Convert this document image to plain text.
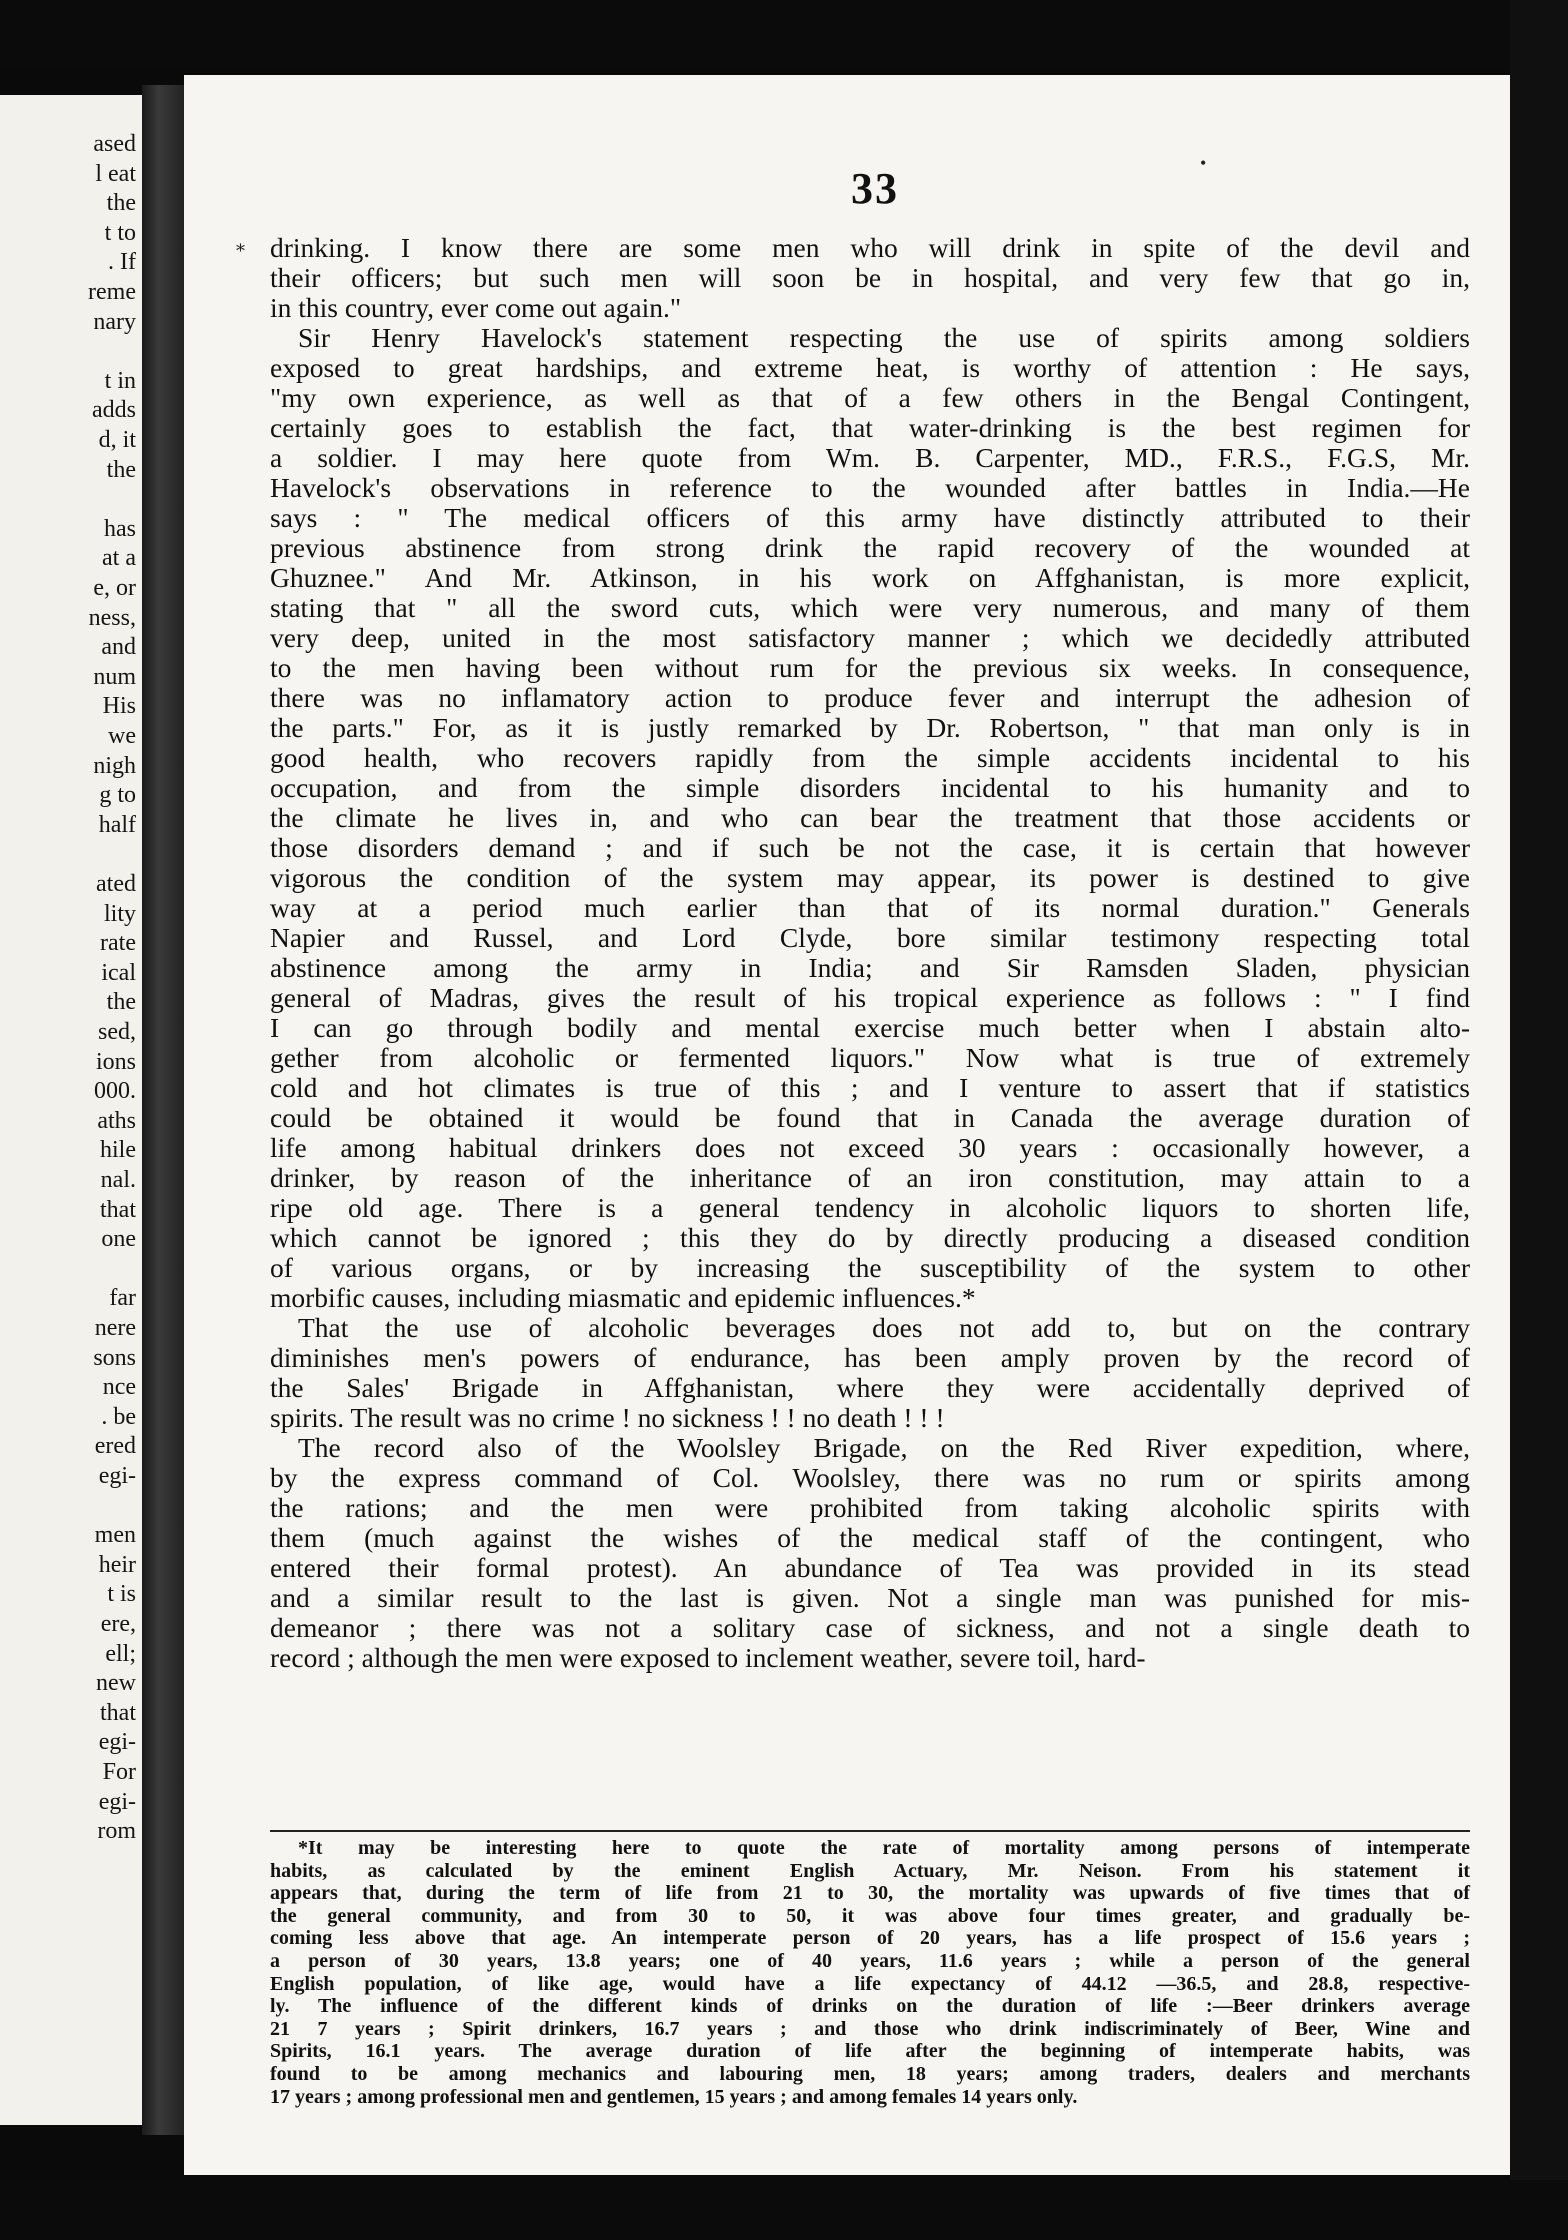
ased
l eat
the
t to
. If
reme
nary
t in
adds
d, it
the
has
at a
e, or
ness,
and
num
His
we
nigh
g to
half
ated
lity
rate
ical
the
sed,
ions
000.
aths
hile
nal.
that
one
far
nere
sons
nce
. be
ered
egi-
men
heir
t is
ere,
ell;
new
that
egi-
For
egi-
rom
33
drinking. I know there are some men who will drink in spite of the devil and
their officers; but such men will soon be in hospital, and very few that go in,
in this country, ever come out again."
Sir Henry Havelock's statement respecting the use of spirits among soldiers
exposed to great hardships, and extreme heat, is worthy of attention : He says,
"my own experience, as well as that of a few others in the Bengal Contingent,
certainly goes to establish the fact, that water-drinking is the best regimen for
a soldier. I may here quote from Wm. B. Carpenter, MD., F.R.S., F.G.S, Mr.
Havelock's observations in reference to the wounded after battles in India.—He
says : " The medical officers of this army have distinctly attributed to their
previous abstinence from strong drink the rapid recovery of the wounded at
Ghuznee." And Mr. Atkinson, in his work on Affghanistan, is more explicit,
stating that " all the sword cuts, which were very numerous, and many of them
very deep, united in the most satisfactory manner ; which we decidedly attributed
to the men having been without rum for the previous six weeks. In consequence,
there was no inflamatory action to produce fever and interrupt the adhesion of
the parts." For, as it is justly remarked by Dr. Robertson, " that man only is in
good health, who recovers rapidly from the simple accidents incidental to his
occupation, and from the simple disorders incidental to his humanity and to
the climate he lives in, and who can bear the treatment that those accidents or
those disorders demand ; and if such be not the case, it is certain that however
vigorous the condition of the system may appear, its power is destined to give
way at a period much earlier than that of its normal duration." Generals
Napier and Russel, and Lord Clyde, bore similar testimony respecting total
abstinence among the army in India; and Sir Ramsden Sladen, physician
general of Madras, gives the result of his tropical experience as follows : " I find
I can go through bodily and mental exercise much better when I abstain alto-
gether from alcoholic or fermented liquors." Now what is true of extremely
cold and hot climates is true of this ; and I venture to assert that if statistics
could be obtained it would be found that in Canada the average duration of
life among habitual drinkers does not exceed 30 years : occasionally however, a
drinker, by reason of the inheritance of an iron constitution, may attain to a
ripe old age. There is a general tendency in alcoholic liquors to shorten life,
which cannot be ignored ; this they do by directly producing a diseased condition
of various organs, or by increasing the susceptibility of the system to other
morbific causes, including miasmatic and epidemic influences.*
That the use of alcoholic beverages does not add to, but on the contrary
diminishes men's powers of endurance, has been amply proven by the record of
the Sales' Brigade in Affghanistan, where they were accidentally deprived of
spirits. The result was no crime ! no sickness ! ! no death ! ! !
The record also of the Woolsley Brigade, on the Red River expedition, where,
by the express command of Col. Woolsley, there was no rum or spirits among
the rations; and the men were prohibited from taking alcoholic spirits with
them (much against the wishes of the medical staff of the contingent, who
entered their formal protest). An abundance of Tea was provided in its stead
and a similar result to the last is given. Not a single man was punished for mis-
demeanor ; there was not a solitary case of sickness, and not a single death to
record ; although the men were exposed to inclement weather, severe toil, hard-
*It may be interesting here to quote the rate of mortality among persons of intemperate
habits, as calculated by the eminent English Actuary, Mr. Neison. From his statement it
appears that, during the term of life from 21 to 30, the mortality was upwards of five times that of
the general community, and from 30 to 50, it was above four times greater, and gradually be-
coming less above that age. An intemperate person of 20 years, has a life prospect of 15.6 years ;
a person of 30 years, 13.8 years; one of 40 years, 11.6 years ; while a person of the general
English population, of like age, would have a life expectancy of 44.12 —36.5, and 28.8, respective-
ly. The influence of the different kinds of drinks on the duration of life :—Beer drinkers average
21 7 years ; Spirit drinkers, 16.7 years ; and those who drink indiscriminately of Beer, Wine and
Spirits, 16.1 years. The average duration of life after the beginning of intemperate habits, was
found to be among mechanics and labouring men, 18 years; among traders, dealers and merchants
17 years ; among professional men and gentlemen, 15 years ; and among females 14 years only.
⁎
•
